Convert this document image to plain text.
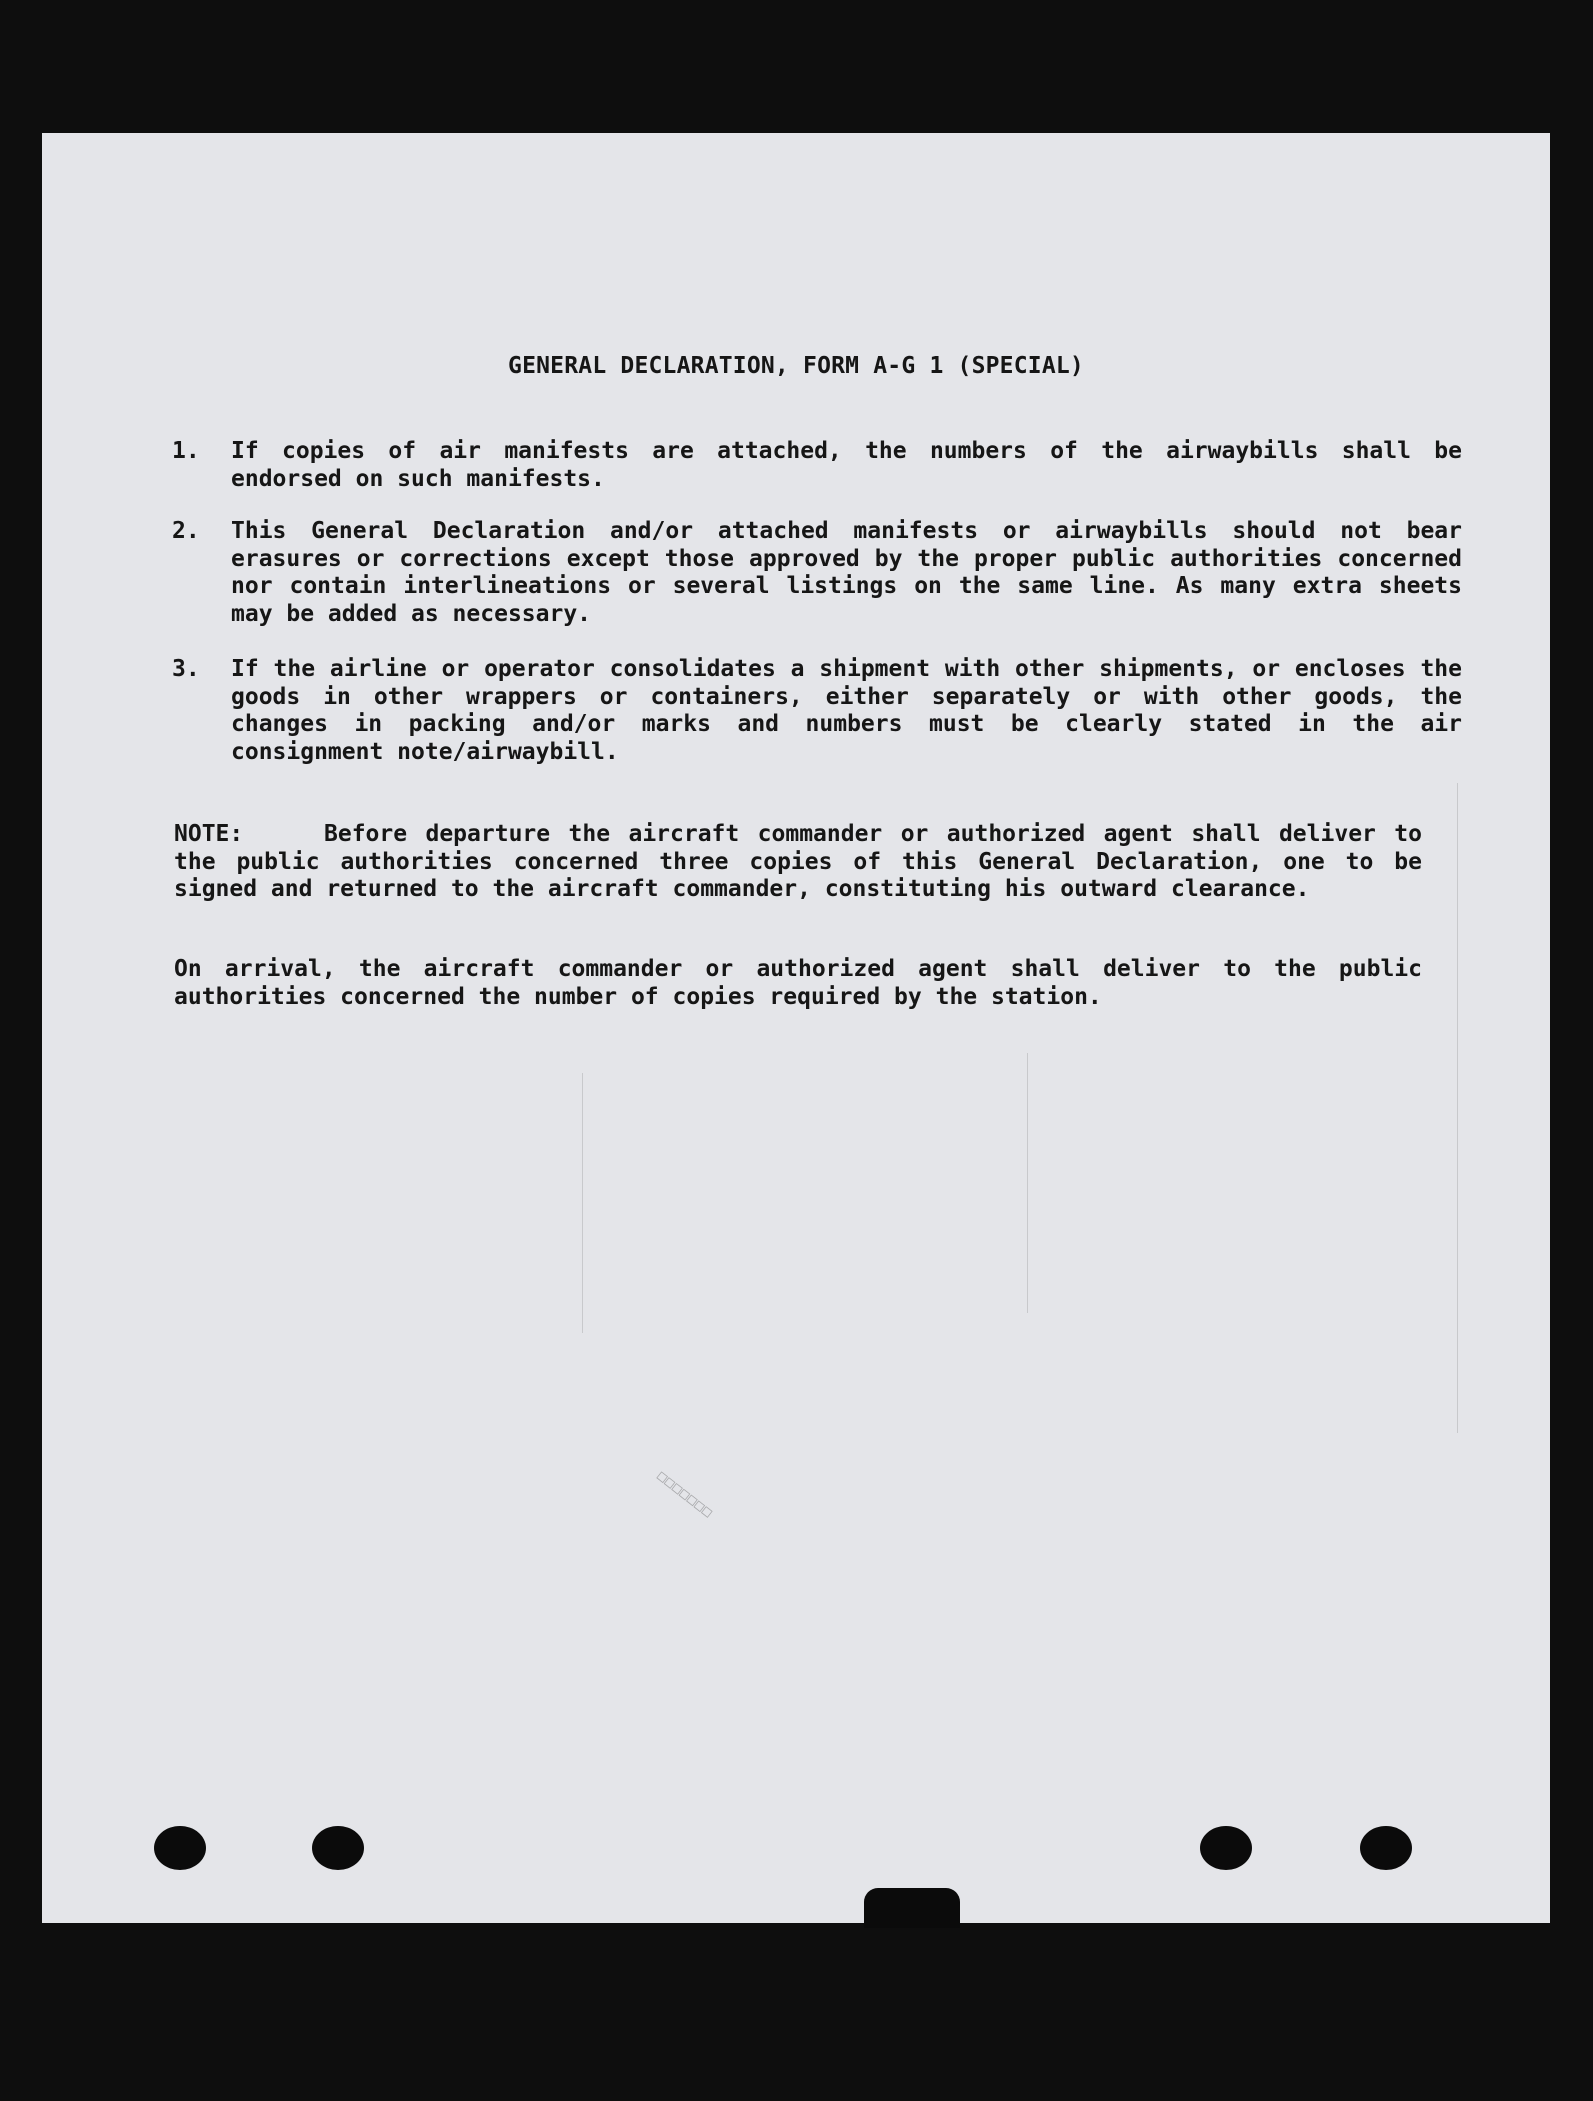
GENERAL DECLARATION, FORM A-G 1 (SPECIAL)
1. If copies of air manifests are attached, the numbers of the airwaybills shall be endorsed on such manifests.
2. This General Declaration and/or attached manifests or airwaybills should not bear erasures or corrections except those approved by the proper public authorities concerned nor contain interlineations or several listings on the same line. As many extra sheets may be added as necessary.
3. If the airline or operator consolidates a shipment with other shipments, or encloses the goods in other wrappers or containers, either separately or with other goods, the changes in packing and/or marks and numbers must be clearly stated in the air consignment note/airwaybill.
NOTE:	Before departure the aircraft commander or authorized agent shall deliver to the public authorities concerned three copies of this General Declaration, one to be signed and returned to the aircraft commander, constituting his outward clearance.
On arrival, the aircraft commander or authorized agent shall deliver to the public authorities concerned the number of copies required by the station.
□□□□□□□
